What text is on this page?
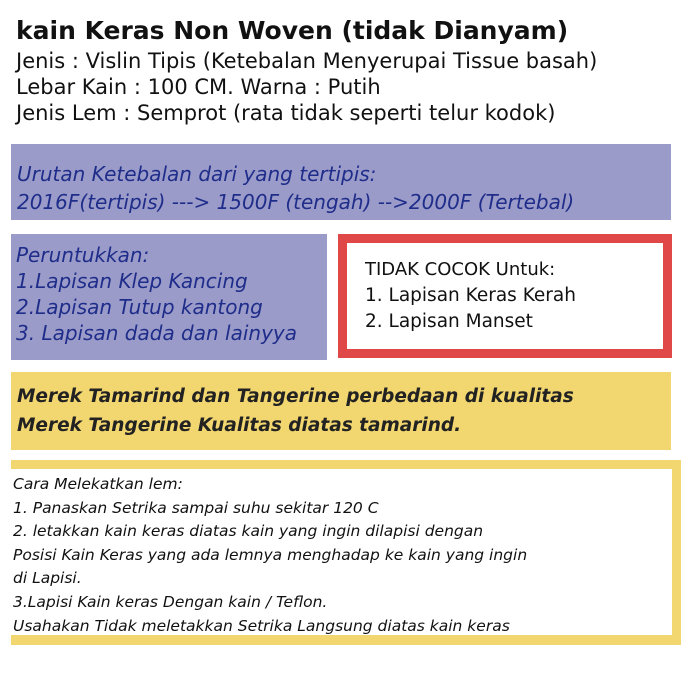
kain Keras Non Woven (tidak Dianyam)
Jenis : Vislin Tipis (Ketebalan Menyerupai Tissue basah)
Lebar Kain : 100 CM. Warna : Putih
Jenis Lem : Semprot (rata tidak seperti telur kodok)
Urutan Ketebalan dari yang tertipis:
2016F(tertipis) ---> 1500F (tengah) -->2000F (Tertebal)
Peruntukkan:
1.Lapisan Klep Kancing
2.Lapisan Tutup kantong
3. Lapisan dada dan lainyya
TIDAK COCOK Untuk:
1. Lapisan Keras Kerah
2. Lapisan Manset
Merek Tamarind dan Tangerine perbedaan di kualitas
Merek Tangerine Kualitas diatas tamarind.
Cara Melekatkan lem:
1. Panaskan Setrika sampai suhu sekitar 120 C
2. letakkan kain keras diatas kain yang ingin dilapisi dengan
Posisi Kain Keras yang ada lemnya menghadap ke kain yang ingin
di Lapisi.
3.Lapisi Kain keras Dengan kain / Teflon.
Usahakan Tidak meletakkan Setrika Langsung diatas kain keras
